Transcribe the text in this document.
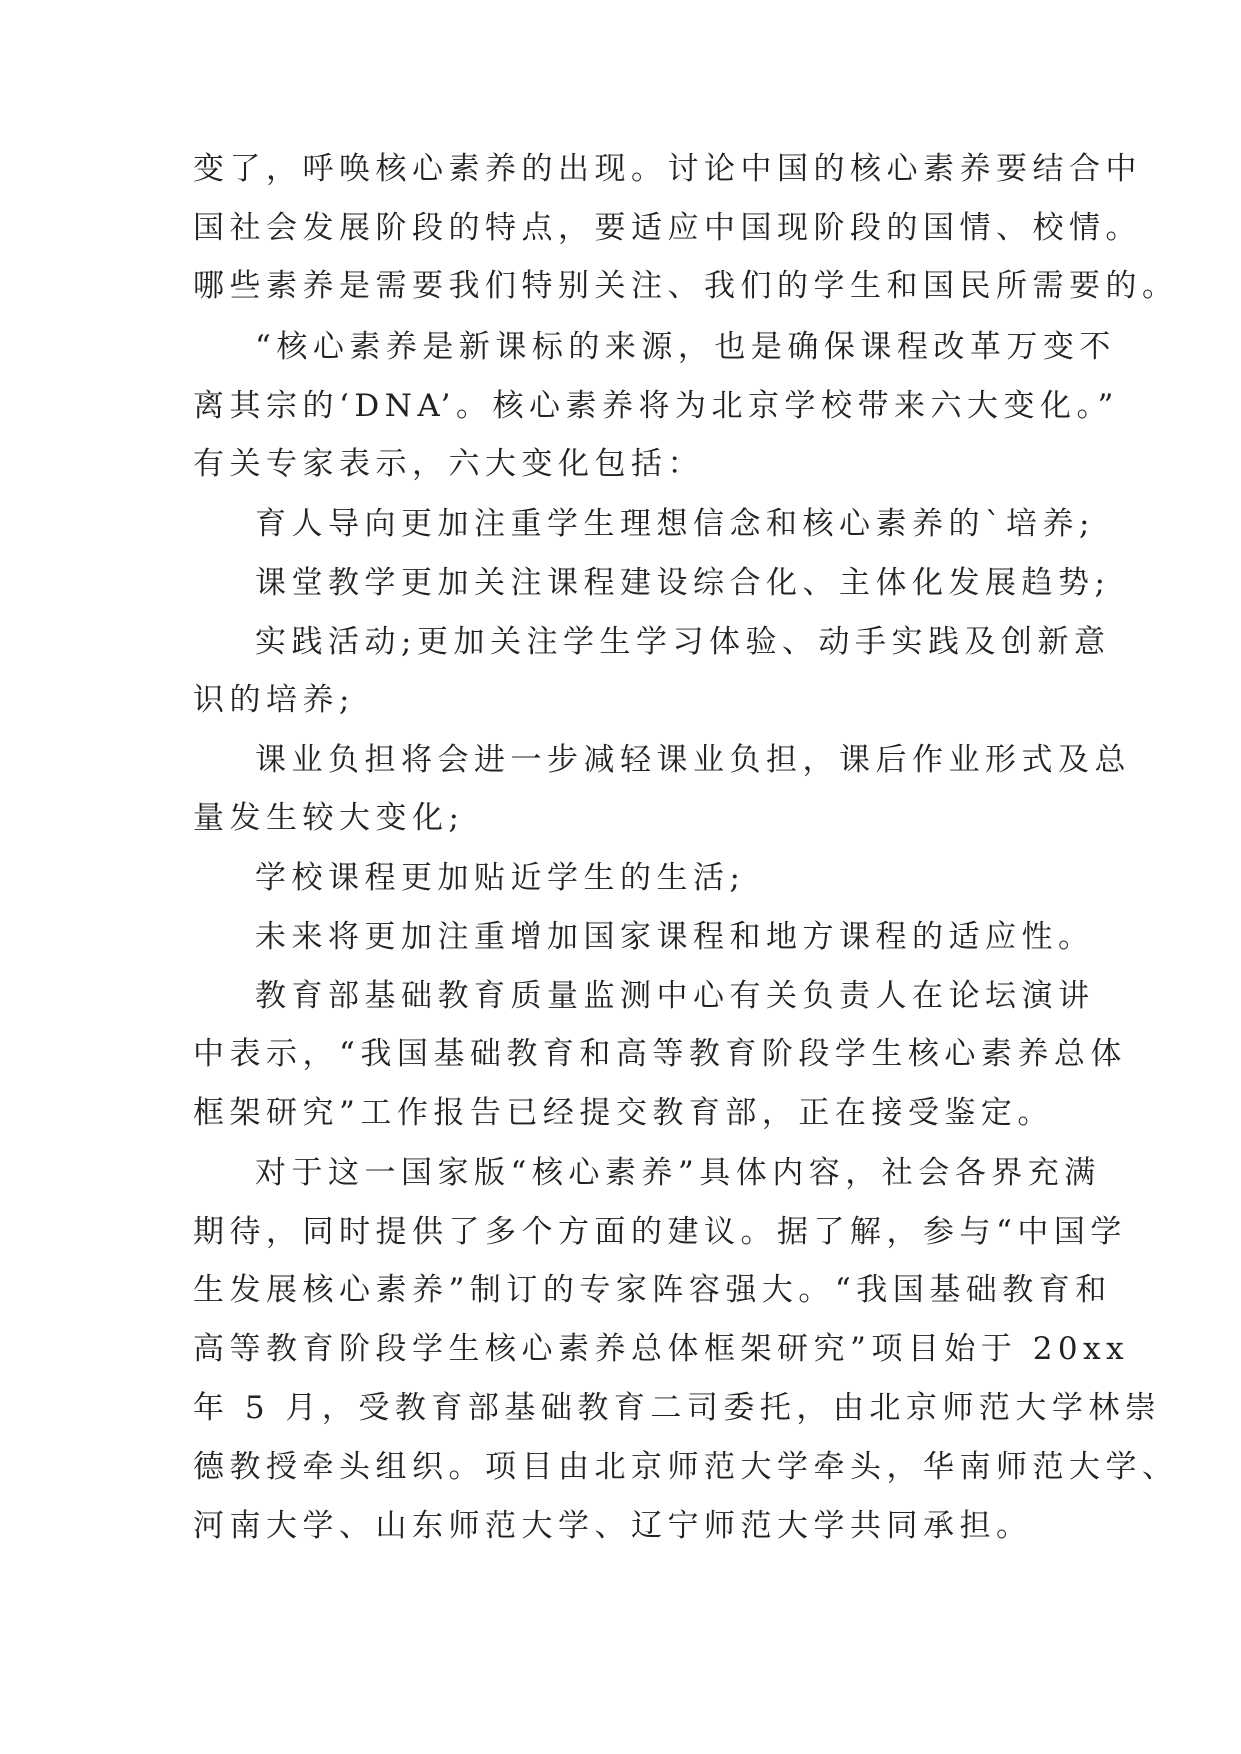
变了，呼唤核心素养的出现。讨论中国的核心素养要结合中
国社会发展阶段的特点，要适应中国现阶段的国情、校情。
哪些素养是需要我们特别关注、我们的学生和国民所需要的。
“核心素养是新课标的来源，也是确保课程改革万变不
离其宗的‘DNA’。核心素养将为北京学校带来六大变化。”
有关专家表示，六大变化包括：
育人导向更加注重学生理想信念和核心素养的`培养;
课堂教学更加关注课程建设综合化、主体化发展趋势;
实践活动;更加关注学生学习体验、动手实践及创新意
识的培养;
课业负担将会进一步减轻课业负担，课后作业形式及总
量发生较大变化;
学校课程更加贴近学生的生活;
未来将更加注重增加国家课程和地方课程的适应性。
教育部基础教育质量监测中心有关负责人在论坛演讲
中表示，“我国基础教育和高等教育阶段学生核心素养总体
框架研究”工作报告已经提交教育部，正在接受鉴定。
对于这一国家版“核心素养”具体内容，社会各界充满
期待，同时提供了多个方面的建议。据了解，参与“中国学
生发展核心素养”制订的专家阵容强大。“我国基础教育和
高等教育阶段学生核心素养总体框架研究”项目始于 20xx
年 5 月，受教育部基础教育二司委托，由北京师范大学林崇
德教授牵头组织。项目由北京师范大学牵头，华南师范大学、
河南大学、山东师范大学、辽宁师范大学共同承担。
